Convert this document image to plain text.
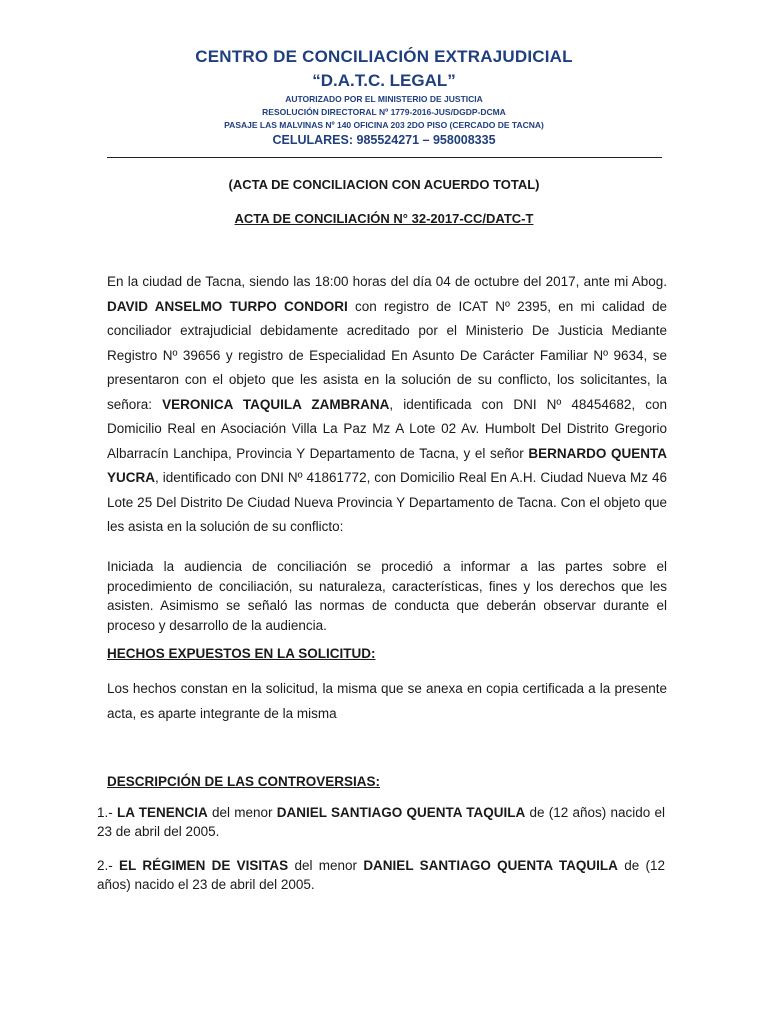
CENTRO DE CONCILIACIÓN EXTRAJUDICIAL
“D.A.T.C. LEGAL”
AUTORIZADO POR EL MINISTERIO DE JUSTICIA
RESOLUCIÓN DIRECTORAL Nº 1779-2016-JUS/DGDP-DCMA
PASAJE LAS MALVINAS Nº 140 OFICINA 203 2DO PISO (CERCADO DE TACNA)
CELULARES: 985524271 – 958008335
(ACTA DE CONCILIACION CON ACUERDO TOTAL)
ACTA DE CONCILIACIÓN N° 32-2017-CC/DATC-T
En la ciudad de Tacna, siendo las 18:00 horas del día 04 de octubre del 2017, ante mi Abog. DAVID ANSELMO TURPO CONDORI con registro de ICAT Nº 2395, en mi calidad de conciliador extrajudicial debidamente acreditado por el Ministerio De Justicia Mediante Registro Nº 39656 y registro de Especialidad En Asunto De Carácter Familiar Nº 9634, se presentaron con el objeto que les asista en la solución de su conflicto, los solicitantes, la señora: VERONICA TAQUILA ZAMBRANA, identificada con DNI Nº 48454682, con Domicilio Real en Asociación Villa La Paz Mz A Lote 02 Av. Humbolt Del Distrito Gregorio Albarracín Lanchipa, Provincia Y Departamento de Tacna, y el señor BERNARDO QUENTA YUCRA, identificado con DNI Nº 41861772, con Domicilio Real En A.H. Ciudad Nueva Mz 46 Lote 25 Del Distrito De Ciudad Nueva Provincia Y Departamento de Tacna. Con el objeto que les asista en la solución de su conflicto:
Iniciada la audiencia de conciliación se procedió a informar a las partes sobre el procedimiento de conciliación, su naturaleza, características, fines y los derechos que les asisten. Asimismo se señaló las normas de conducta que deberán observar durante el proceso y desarrollo de la audiencia.
HECHOS EXPUESTOS EN LA SOLICITUD:
Los hechos constan en la solicitud, la misma que se anexa en copia certificada a la presente acta, es aparte integrante de la misma
DESCRIPCIÓN DE LAS CONTROVERSIAS:
1.- LA TENENCIA del menor DANIEL SANTIAGO QUENTA TAQUILA de (12 años) nacido el 23 de abril del 2005.
2.- EL RÉGIMEN DE VISITAS del menor DANIEL SANTIAGO QUENTA TAQUILA de (12 años) nacido el 23 de abril del 2005.
